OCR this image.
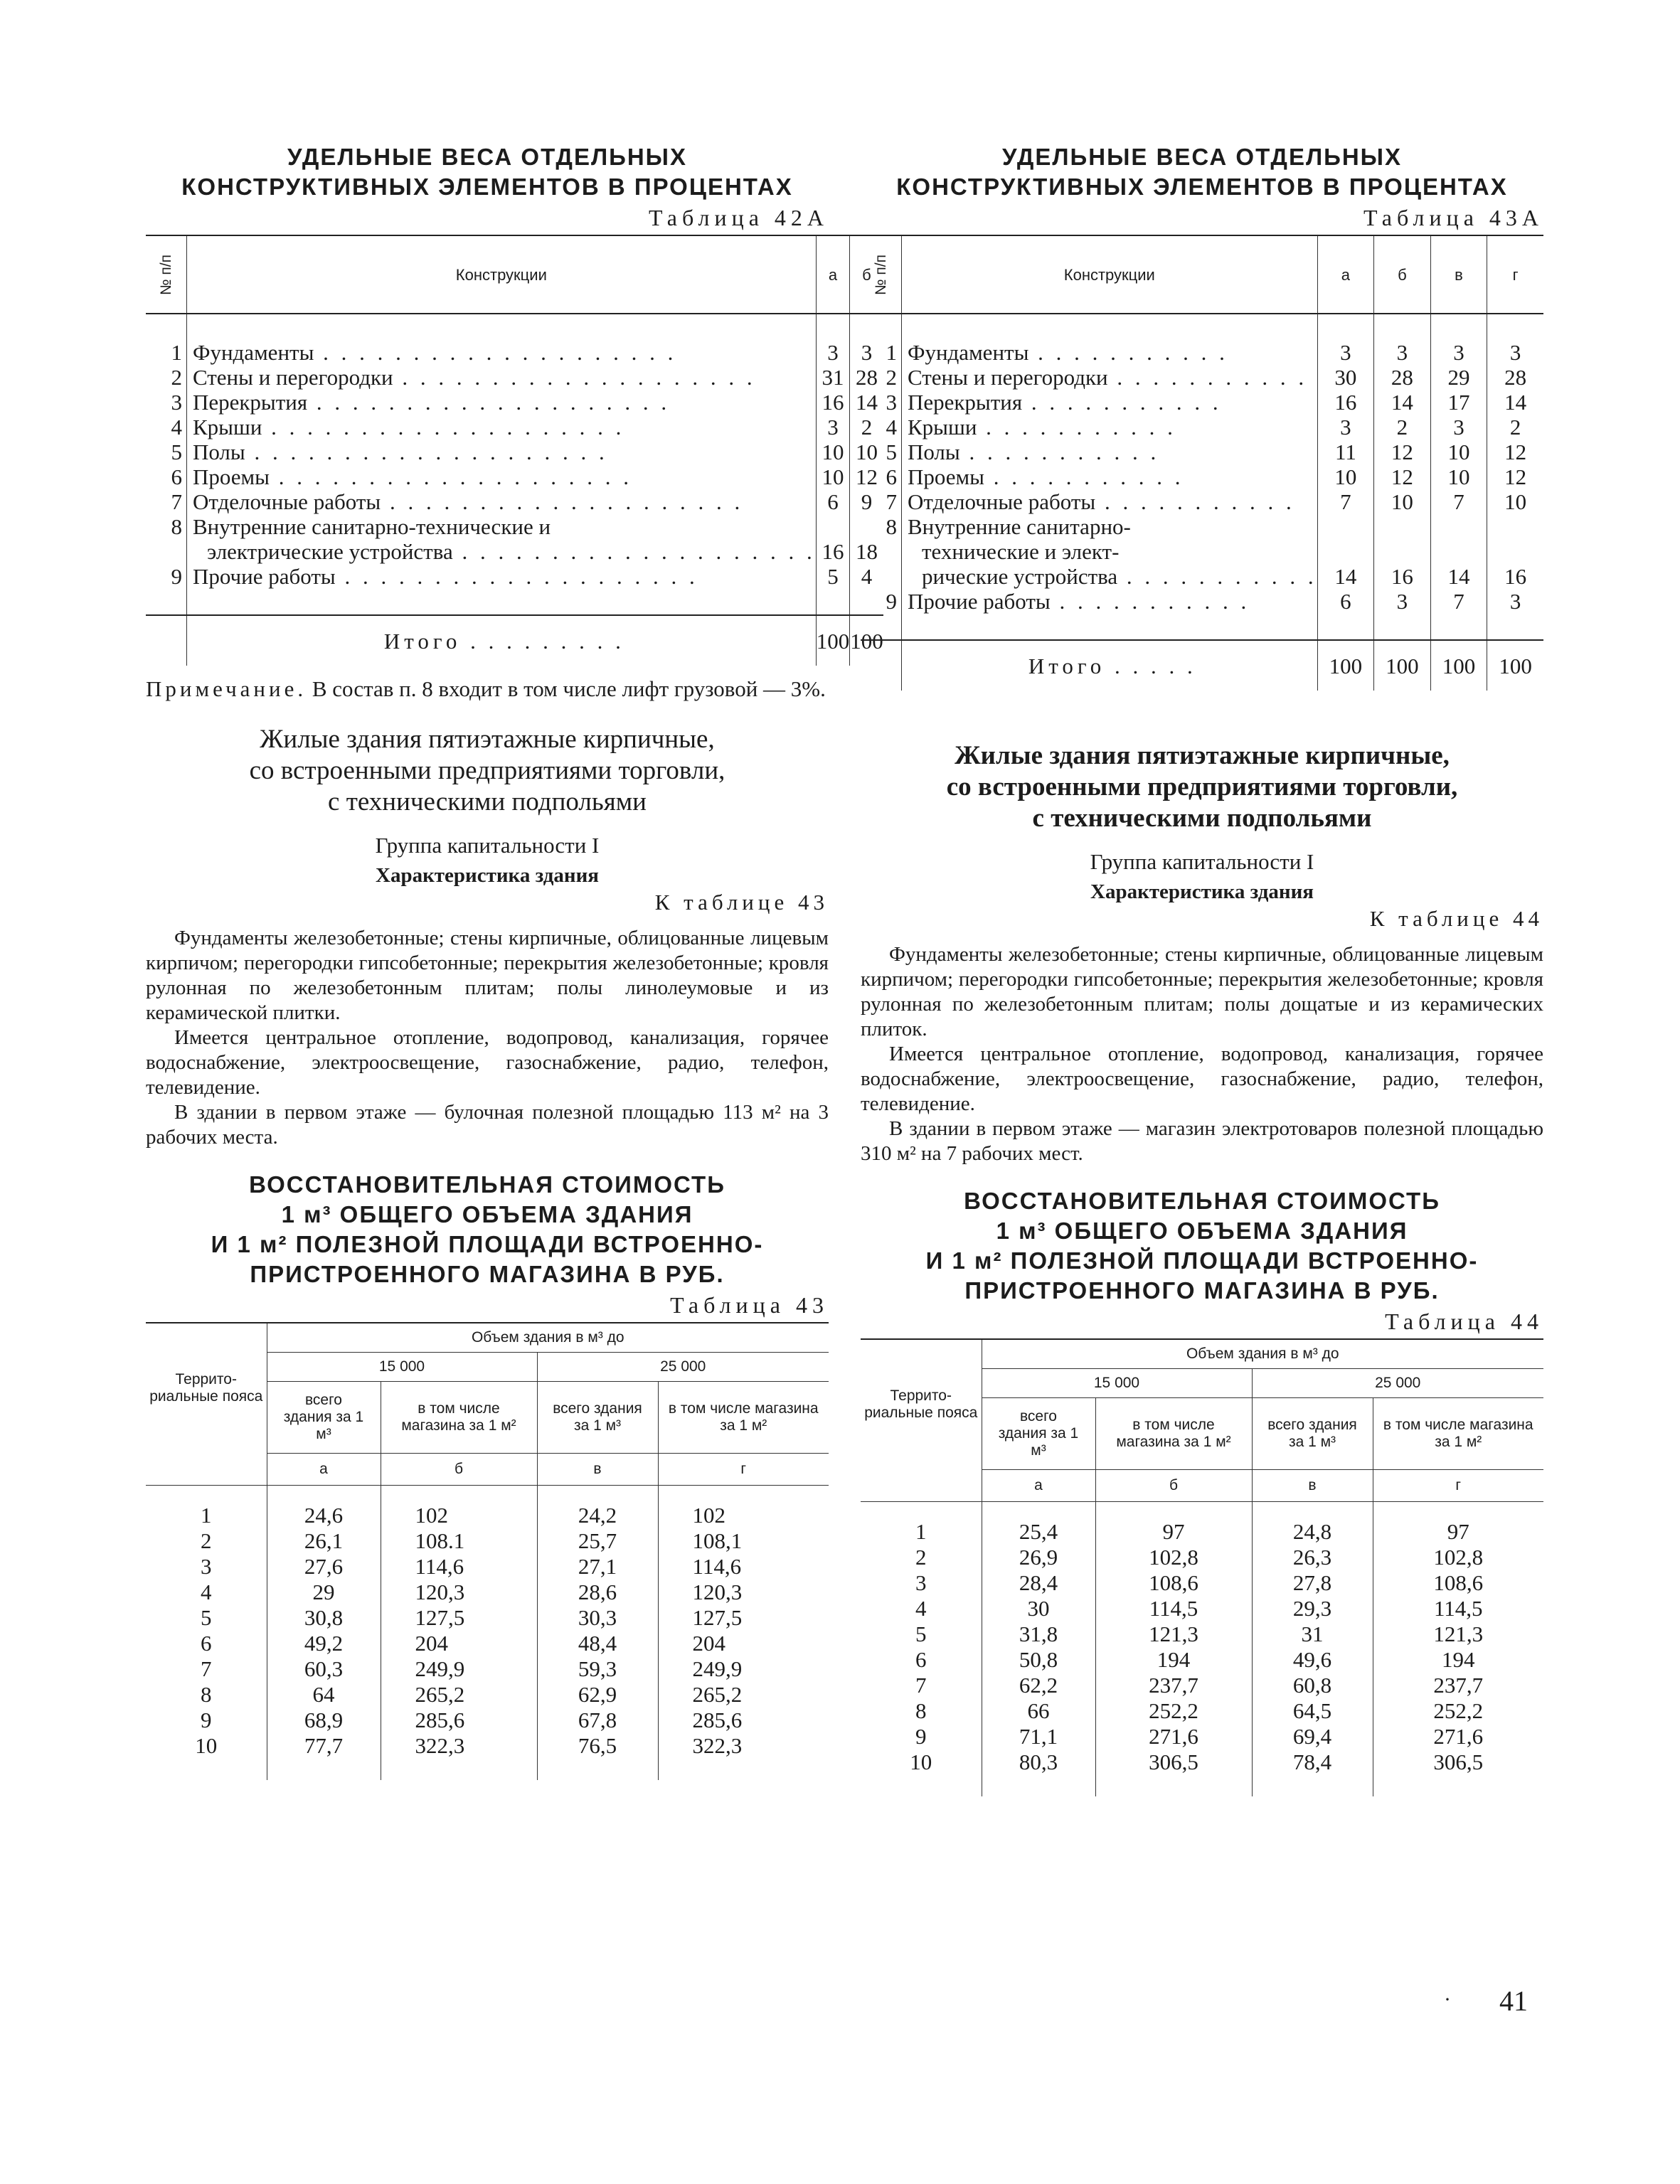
УДЕЛЬНЫЕ ВЕСА ОТДЕЛЬНЫХ
КОНСТРУКТИВНЫХ ЭЛЕМЕНТОВ В ПРОЦЕНТАХ
Таблица 42А
№ п/п	Конструкции	а	б

1	Фундаменты . . . . . . . . . . . . . . . . . . . .	3	3
2	Стены и перегородки . . . . . . . . . . . . . . . . . . . .	31	28
3	Перекрытия . . . . . . . . . . . . . . . . . . . .	16	14
4	Крыши . . . . . . . . . . . . . . . . . . . .	3	2
5	Полы . . . . . . . . . . . . . . . . . . . .	10	10
6	Проемы . . . . . . . . . . . . . . . . . . . .	10	12
7	Отделочные работы . . . . . . . . . . . . . . . . . . . .	6	9
8	Внутренние санитарно-технические и		
	электрические устройства . . . . . . . . . . . . . . . . . . . .	16	18
9	Прочие работы . . . . . . . . . . . . . . . . . . . .	5	4

	Итого . . . . . . . . .	100	100
Примечание. В состав п. 8 входит в том числе лифт грузовой — 3%.
Жилые здания пятиэтажные кирпичные,
со встроенными предприятиями торговли,
с техническими подпольями
Группа капитальности I
Характеристика здания
К таблице 43

Фундаменты железобетонные; стены кирпичные, облицованные лицевым кирпичом; перегородки гипсобетонные; перекрытия железобетонные; кровля рулонная по железобетонным плитам; полы линолеумовые и из керамической плитки.

Имеется центральное отопление, водопровод, канализация, горячее водоснабжение, электроосвещение, газоснабжение, радио, телефон, телевидение.

В здании в первом этаже — булочная полезной площадью 113 м² на 3 рабочих места.

ВОССТАНОВИТЕЛЬНАЯ СТОИМОСТЬ
1 м³ ОБЩЕГО ОБЪЕМА ЗДАНИЯ
И 1 м² ПОЛЕЗНОЙ ПЛОЩАДИ ВСТРОЕННО-
ПРИСТРОЕННОГО МАГАЗИНА В РУБ.
Таблица 43
Террито-риальные пояса	Объем здания в м³ до			
	15 000		25 000	
	всего здания за 1 м³	в том числе магазина за 1 м²	всего здания за 1 м³	в том числе магазина за 1 м²
	а	б	в	г

1	24,6	102	24,2	102
2	26,1	108.1	25,7	108,1
3	27,6	114,6	27,1	114,6
4	29	120,3	28,6	120,3
5	30,8	127,5	30,3	127,5
6	49,2	204	48,4	204
7	60,3	249,9	59,3	249,9
8	64	265,2	62,9	265,2
9	68,9	285,6	67,8	285,6
10	77,7	322,3	76,5	322,3

УДЕЛЬНЫЕ ВЕСА ОТДЕЛЬНЫХ
КОНСТРУКТИВНЫХ ЭЛЕМЕНТОВ В ПРОЦЕНТАХ
Таблица 43А
№ п/п	Конструкции	а	б	в	г

1	Фундаменты . . . . . . . . . . .	3	3	3	3
2	Стены и перегородки . . . . . . . . . . .	30	28	29	28
3	Перекрытия . . . . . . . . . . .	16	14	17	14
4	Крыши . . . . . . . . . . .	3	2	3	2
5	Полы . . . . . . . . . . .	11	12	10	12
6	Проемы . . . . . . . . . . .	10	12	10	12
7	Отделочные работы . . . . . . . . . . .	7	10	7	10
8	Внутренние санитарно-				
	технические и элект-				
	рические устройства . . . . . . . . . . .	14	16	14	16
9	Прочие работы . . . . . . . . . . .	6	3	7	3

	Итого . . . . .	100	100	100	100
Жилые здания пятиэтажные кирпичные,
со встроенными предприятиями торговли,
с техническими подпольями
Группа капитальности I
Характеристика здания
К таблице 44

Фундаменты железобетонные; стены кирпичные, облицованные лицевым кирпичом; перегородки гипсобетонные; перекрытия железобетонные; кровля рулонная по железобетонным плитам; полы дощатые и из керамических плиток.

Имеется центральное отопление, водопровод, канализация, горячее водоснабжение, электроосвещение, газоснабжение, радио, телефон, телевидение.

В здании в первом этаже — магазин электротоваров полезной площадью 310 м² на 7 рабочих мест.

ВОССТАНОВИТЕЛЬНАЯ СТОИМОСТЬ
1 м³ ОБЩЕГО ОБЪЕМА ЗДАНИЯ
И 1 м² ПОЛЕЗНОЙ ПЛОЩАДИ ВСТРОЕННО-
ПРИСТРОЕННОГО МАГАЗИНА В РУБ.
Таблица 44
Террито-риальные пояса	Объем здания в м³ до			
	15 000		25 000	
	всего здания за 1 м³	в том числе магазина за 1 м²	всего здания за 1 м³	в том числе магазина за 1 м²
	а	б	в	г

1	25,4	97	24,8	97
2	26,9	102,8	26,3	102,8
3	28,4	108,6	27,8	108,6
4	30	114,5	29,3	114,5
5	31,8	121,3	31	121,3
6	50,8	194	49,6	194
7	62,2	237,7	60,8	237,7
8	66	252,2	64,5	252,2
9	71,1	271,6	69,4	271,6
10	80,3	306,5	78,4	306,5

· 41
